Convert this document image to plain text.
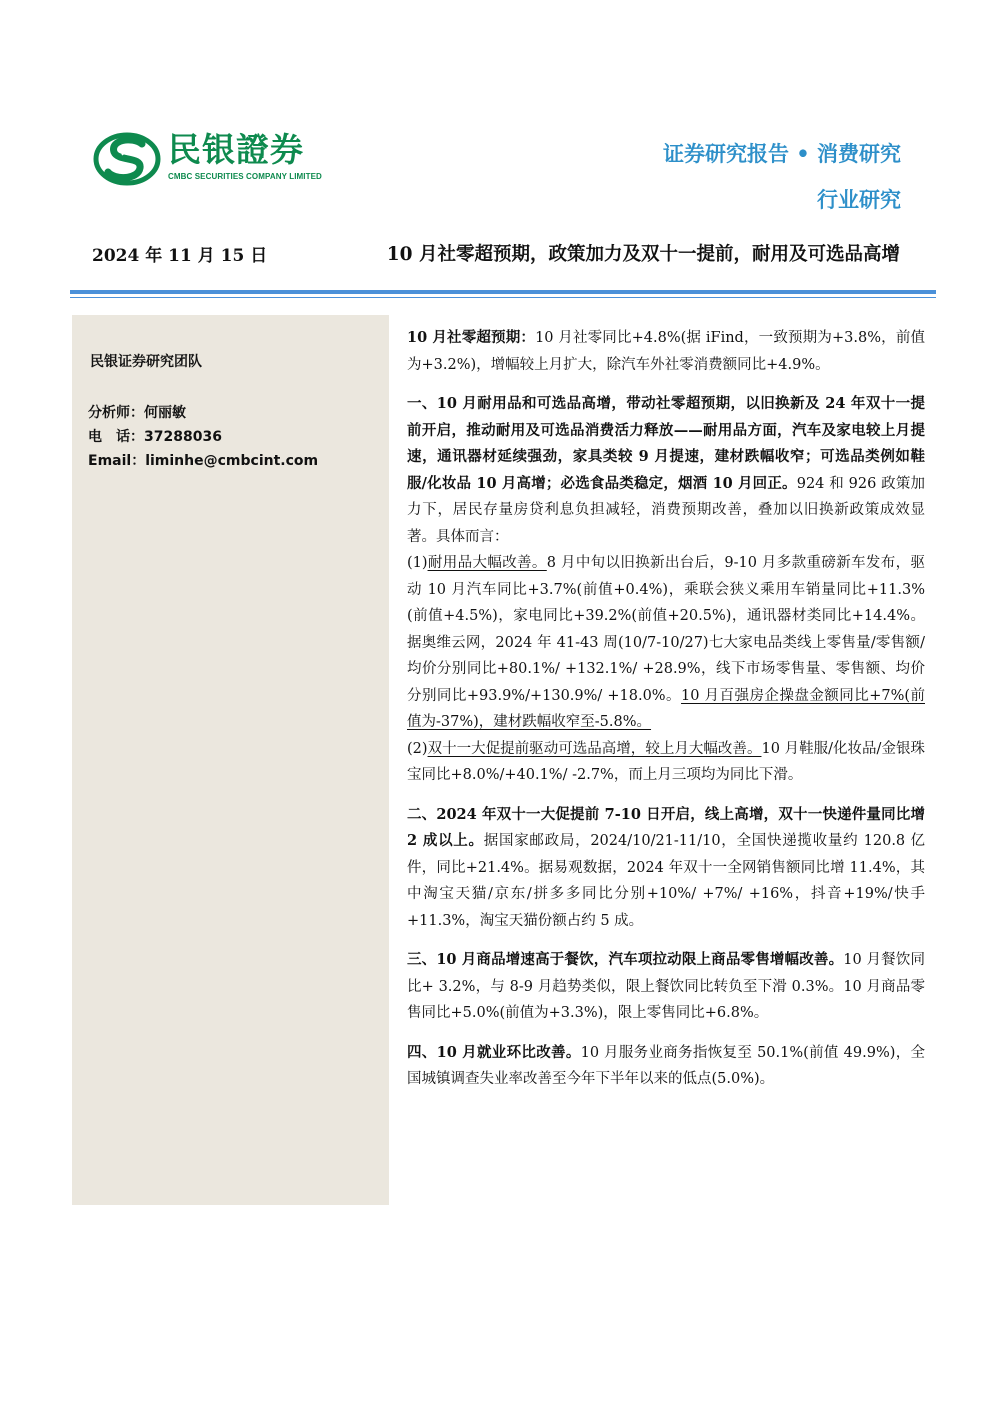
民银證券
CMBC SECURITIES COMPANY LIMITED
证券研究报告 • 消费研究
行业研究
2024 年 11 月 15 日	10 月社零超预期，政策加力及双十一提前，耐用及可选品高增
民银证券研究团队
分析师：何丽敏
电　话：37288036
Email：liminhe@cmbcint.com

10 月社零超预期：10 月社零同比+4.8%(据 iFind，一致预期为+3.8%，前值为+3.2%)，增幅较上月扩大，除汽车外社零消费额同比+4.9%。

一、10 月耐用品和可选品高增，带动社零超预期，以旧换新及 24 年双十一提前开启，推动耐用及可选品消费活力释放——耐用品方面，汽车及家电较上月提速，通讯器材延续强劲，家具类较 9 月提速，建材跌幅收窄；可选品类例如鞋服/化妆品 10 月高增；必选食品类稳定，烟酒 10 月回正。924 和 926 政策加力下，居民存量房贷利息负担减轻，消费预期改善，叠加以旧换新政策成效显著。具体而言：
(1)耐用品大幅改善。8 月中旬以旧换新出台后，9-10 月多款重磅新车发布，驱动 10 月汽车同比+3.7%(前值+0.4%)，乘联会狭义乘用车销量同比+11.3%(前值+4.5%)，家电同比+39.2%(前值+20.5%)，通讯器材类同比+14.4%。据奥维云网，2024 年 41-43 周(10/7-10/27)七大家电品类线上零售量/零售额/均价分别同比+80.1%/ +132.1%/ +28.9%，线下市场零售量、零售额、均价分别同比+93.9%/+130.9%/ +18.0%。10 月百强房企操盘金额同比+7%(前值为-37%)，建材跌幅收窄至-5.8%。
(2)双十一大促提前驱动可选品高增，较上月大幅改善。10 月鞋服/化妆品/金银珠宝同比+8.0%/+40.1%/ -2.7%，而上月三项均为同比下滑。

二、2024 年双十一大促提前 7-10 日开启，线上高增，双十一快递件量同比增 2 成以上。据国家邮政局，2024/10/21-11/10，全国快递揽收量约 120.8 亿件，同比+21.4%。据易观数据，2024 年双十一全网销售额同比增 11.4%，其中淘宝天猫/京东/拼多多同比分别+10%/ +7%/ +16%，抖音+19%/快手+11.3%，淘宝天猫份额占约 5 成。

三、10 月商品增速高于餐饮，汽车项拉动限上商品零售增幅改善。10 月餐饮同比+ 3.2%，与 8-9 月趋势类似，限上餐饮同比转负至下滑 0.3%。10 月商品零售同比+5.0%(前值为+3.3%)，限上零售同比+6.8%。

四、10 月就业环比改善。10 月服务业商务指恢复至 50.1%(前值 49.9%)，全国城镇调查失业率改善至今年下半年以来的低点(5.0%)。
